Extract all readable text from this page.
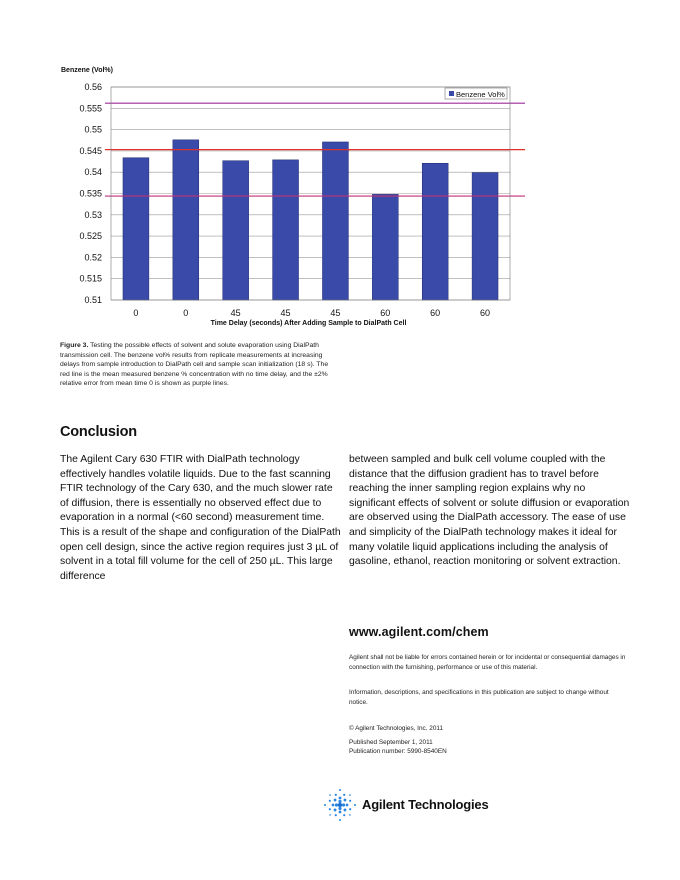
Benzene (Vol%)
0.56
0.555
0.55
0.545
0.54
0.535
0.53
0.525
0.52
0.515
0.51
0	0	45	45	45	60	60	60
Benzene Vol%
Time Delay (seconds) After Adding Sample to DialPath Cell
Figure 3. Testing the possible effects of solvent and solute evaporation using DialPath transmission cell. The benzene vol% results from replicate measurements at increasing delays from sample introduction to DialPath cell and sample scan initialization (18 s). The red line is the mean measured benzene % concentration with no time delay, and the ±2% relative error from mean time 0 is shown as purple lines.
Conclusion

The Agilent Cary 630 FTIR with DialPath technology effectively handles volatile liquids. Due to the fast scanning FTIR technology of the Cary 630, and the much slower rate of diffusion, there is essentially no observed effect due to evaporation in a normal (<60 second) measurement time. This is a result of the shape and configuration of the DialPath open cell design, since the active region requires just 3 µL of solvent in a total fill volume for the cell of 250 µL. This large difference

between sampled and bulk cell volume coupled with the distance that the diffusion gradient has to travel before reaching the inner sampling region explains why no significant effects of solvent or solute diffusion or evaporation are observed using the DialPath accessory. The ease of use and simplicity of the DialPath technology makes it ideal for many volatile liquid applications including the analysis of gasoline, ethanol, reaction monitoring or solvent extraction.

www.agilent.com/chem

Agilent shall not be liable for errors contained herein or for incidental or consequential damages in connection with the furnishing, performance or use of this material.

Information, descriptions, and specifications in this publication are subject to change without notice.

© Agilent Technologies, Inc. 2011

Published September 1, 2011

Publication number: 5990-8540EN

Agilent Technologies
